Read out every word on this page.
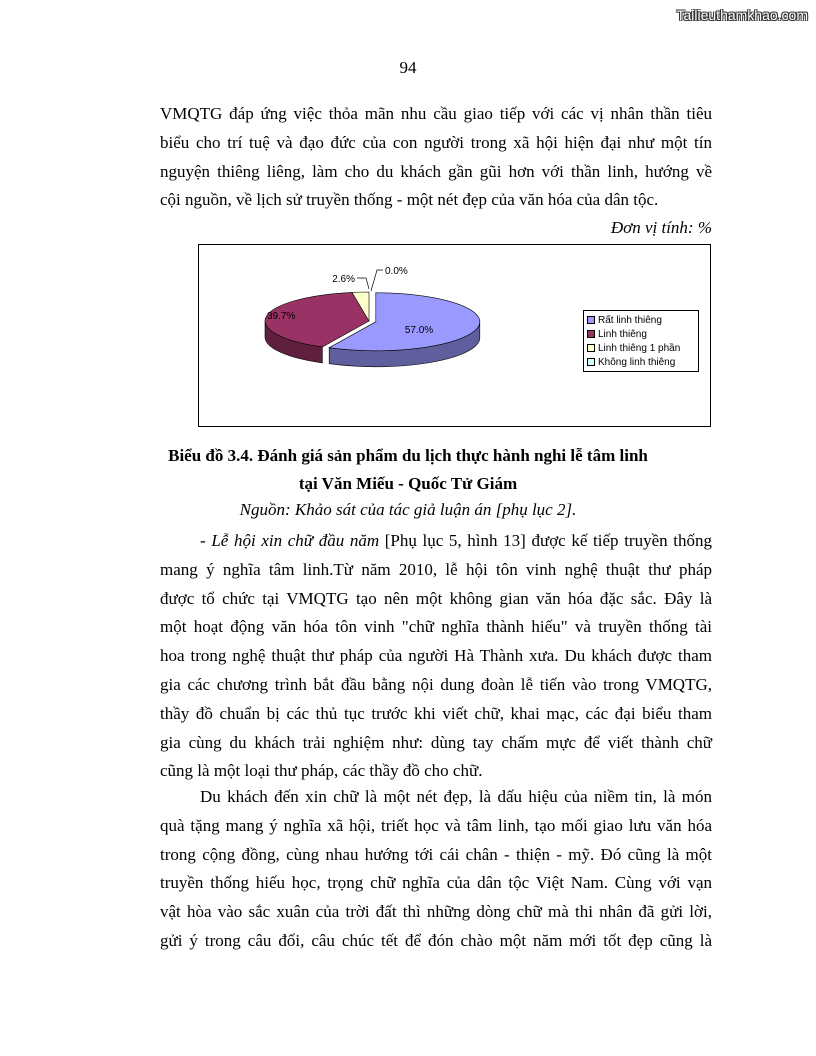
Tailieuthamkhao.com
94
VMQTG đáp ứng việc thỏa mãn nhu cầu giao tiếp với các vị nhân thần tiêu
biểu cho trí tuệ và đạo đức của con người trong xã hội hiện đại như một tín
nguyện thiêng liêng, làm cho du khách gần gũi hơn với thần linh, hướng về
cội nguồn, về lịch sử truyền thống - một nét đẹp của văn hóa của dân tộc.
Đơn vị tính: %
57.0%
39.7%
2.6%
0.0%
Rất linh thiêng
Linh thiêng
Linh thiêng 1 phần
Không linh thiêng
Biểu đồ 3.4. Đánh giá sản phẩm du lịch thực hành nghi lễ tâm linh
tại Văn Miếu - Quốc Tử Giám
Nguồn: Khảo sát của tác giả luận án [phụ lục 2].
- Lễ hội xin chữ đầu năm [Phụ lục 5, hình 13] được kế tiếp truyền thống
mang ý nghĩa tâm linh.Từ năm 2010, lễ hội tôn vinh nghệ thuật thư pháp
được tổ chức tại VMQTG tạo nên một không gian văn hóa đặc sắc. Đây là
một hoạt động văn hóa tôn vinh "chữ nghĩa thành hiếu" và truyền thống tài
hoa trong nghệ thuật thư pháp của người Hà Thành xưa. Du khách được tham
gia các chương trình bắt đầu bằng nội dung đoàn lễ tiến vào trong VMQTG,
thầy đồ chuẩn bị các thủ tục trước khi viết chữ, khai mạc, các đại biểu tham
gia cùng du khách trải nghiệm như: dùng tay chấm mực để viết thành chữ
cũng là một loại thư pháp, các thầy đồ cho chữ.
Du khách đến xin chữ là một nét đẹp, là dấu hiệu của niềm tin, là món
quà tặng mang ý nghĩa xã hội, triết học và tâm linh, tạo mối giao lưu văn hóa
trong cộng đồng, cùng nhau hướng tới cái chân - thiện - mỹ. Đó cũng là một
truyền thống hiếu học, trọng chữ nghĩa của dân tộc Việt Nam. Cùng với vạn
vật hòa vào sắc xuân của trời đất thì những dòng chữ mà thi nhân đã gửi lời,
gửi ý trong câu đối, câu chúc tết để đón chào một năm mới tốt đẹp cũng là
